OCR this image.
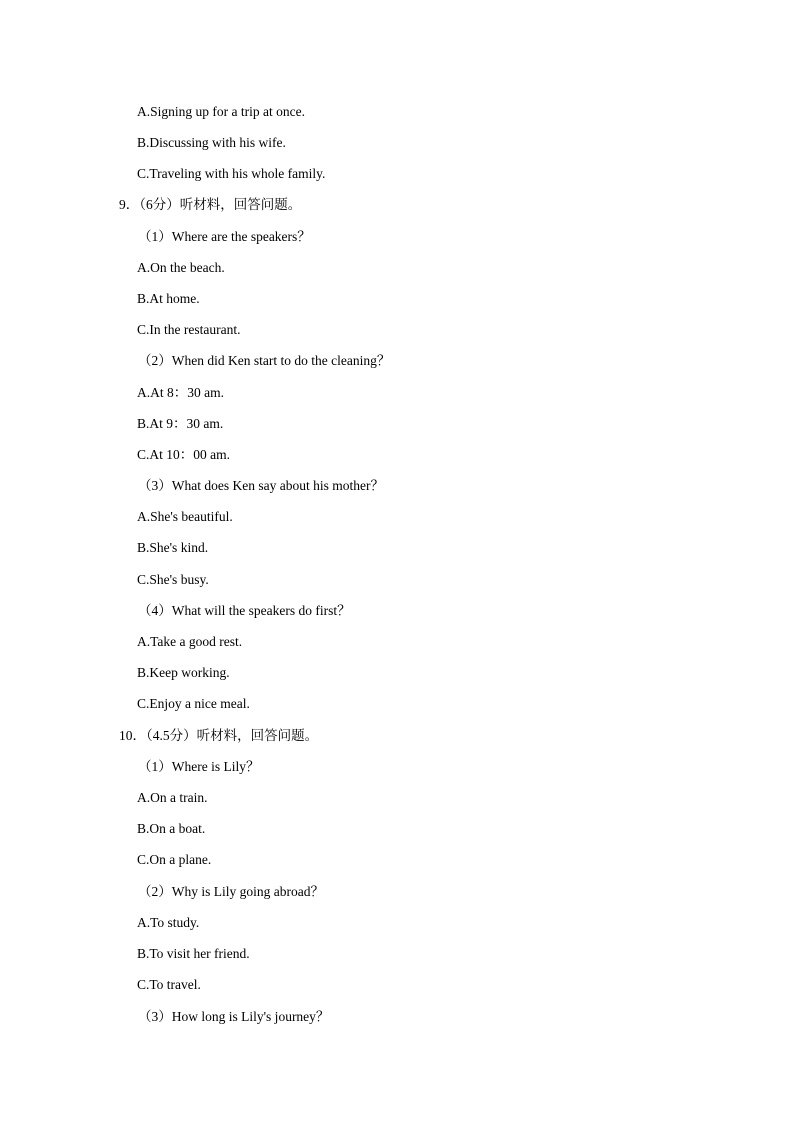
A.Signing up for a trip at once.
B.Discussing with his wife.
C.Traveling with his whole family.
9．（6分）听材料，回答问题。
（1）Where are the speakers？
A.On the beach.
B.At home.
C.In the restaurant.
（2）When did Ken start to do the cleaning？
A.At 8：30 am.
B.At 9：30 am.
C.At 10：00 am.
（3）What does Ken say about his mother？
A.She's beautiful.
B.She's kind.
C.She's busy.
（4）What will the speakers do first？
A.Take a good rest.
B.Keep working.
C.Enjoy a nice meal.
10．（4.5分）听材料，回答问题。
（1）Where is Lily？
A.On a train.
B.On a boat.
C.On a plane.
（2）Why is Lily going abroad？
A.To study.
B.To visit her friend.
C.To travel.
（3）How long is Lily's journey？
